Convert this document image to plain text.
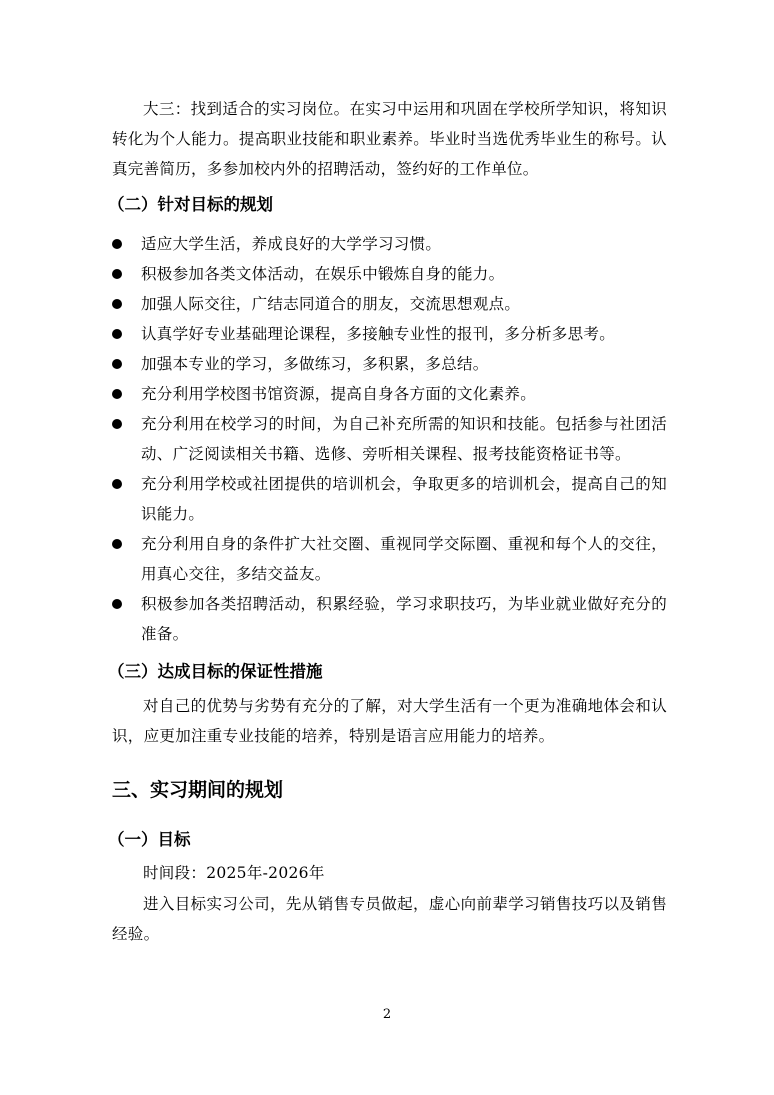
大三：找到适合的实习岗位。在实习中运用和巩固在学校所学知识，将知识转化为个人能力。提高职业技能和职业素养。毕业时当选优秀毕业生的称号。认真完善简历，多参加校内外的招聘活动，签约好的工作单位。

（二）针对目标的规划
适应大学生活，养成良好的大学学习习惯。
积极参加各类文体活动，在娱乐中锻炼自身的能力。
加强人际交往，广结志同道合的朋友，交流思想观点。
认真学好专业基础理论课程，多接触专业性的报刊，多分析多思考。
加强本专业的学习，多做练习，多积累，多总结。
充分利用学校图书馆资源，提高自身各方面的文化素养。
充分利用在校学习的时间，为自己补充所需的知识和技能。包括参与社团活动、广泛阅读相关书籍、选修、旁听相关课程、报考技能资格证书等。
充分利用学校或社团提供的培训机会，争取更多的培训机会，提高自己的知识能力。
充分利用自身的条件扩大社交圈、重视同学交际圈、重视和每个人的交往，用真心交往，多结交益友。
积极参加各类招聘活动，积累经验，学习求职技巧，为毕业就业做好充分的准备。
（三）达成目标的保证性措施

对自己的优势与劣势有充分的了解，对大学生活有一个更为准确地体会和认识，应更加注重专业技能的培养，特别是语言应用能力的培养。

三、实习期间的规划
（一）目标

时间段：2025年-2026年

进入目标实习公司，先从销售专员做起，虚心向前辈学习销售技巧以及销售经验。

2
